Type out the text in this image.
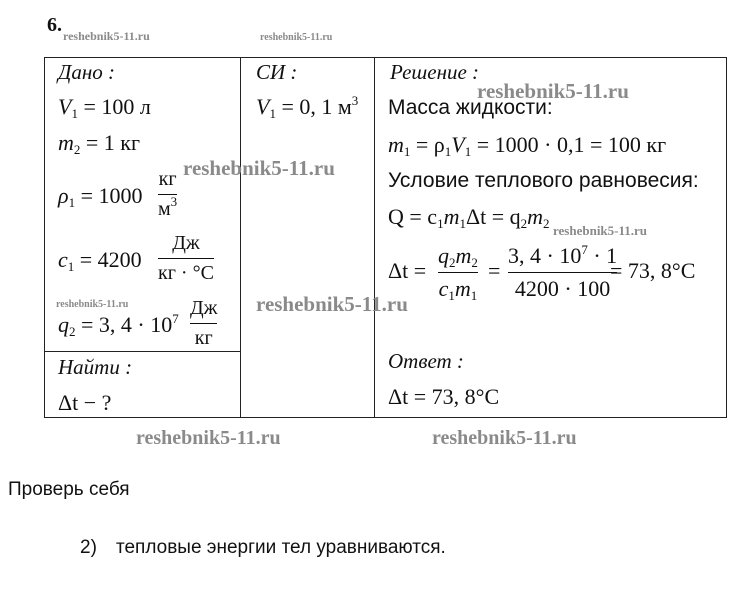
6. reshebnik5-11.ru	reshebnik5-11.ru
Дано :
$V_1 = 100$ л
$m_2 = 1$ кг
$\rho_1 = 1000$
кг
$м^3$
$c_1 = 4200$
Дж
кг · °С
$q_2 = 3$, $4 \cdot 10^7$ Дж
кг
Найти :
Δt − ?
СИ :
$V_1 = 0$, 1 $м^3$
Решение :
Масса жидкости:
$m_1 = \rho_1V_1 = 1000 \cdot 0,1 = 100$ кг
Условие теплового равновесия:
$Q = c_1m_1\Delta t = q_2m_2$
Δt =
$q_2m_2$
$c_1m_1$
=
3, $4 \cdot 10^7 \cdot 1$
4200 · 100
= 73, 8°С
Ответ :
Δt = 73, 8°С
reshebnik5-11.ru
reshebnik5-11.ru
reshebnik5-11.ru
reshebnik5-11.ru
reshebnik5-11.ru
reshebnik5-11.ru	reshebnik5-11.ru
Проверь себя
2) тепловые энергии тел уравниваются.
